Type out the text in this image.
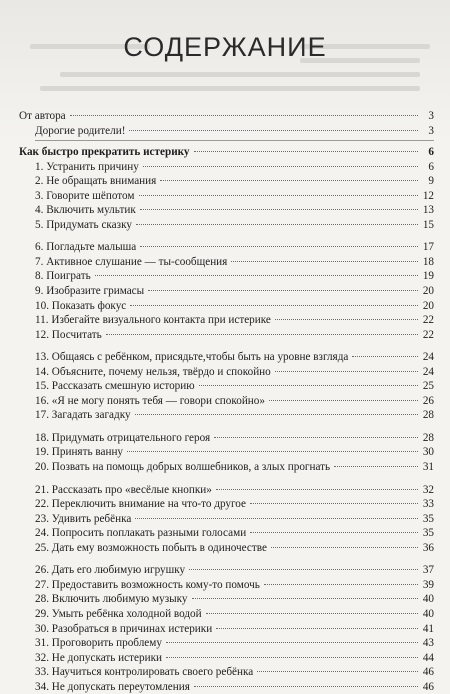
СОДЕРЖАНИЕ
От автора	3
Дорогие родители!	3
Как быстро прекратить истерику	6
1. Устранить причину	6
2. Не обращать внимания	9
3. Говорите шёпотом	12
4. Включить мультик	13
5. Придумать сказку	15
6. Погладьте малыша	17
7. Активное слушание — ты-сообщения	18
8. Поиграть	19
9. Изобразите гримасы	20
10. Показать фокус	20
11. Избегайте визуального контакта при истерике	22
12. Посчитать	22
13. Общаясь с ребёнком, присядьте,чтобы быть на уровне взгляда	24
14. Объясните, почему нельзя, твёрдо и спокойно	24
15. Рассказать смешную историю	25
16. «Я не могу понять тебя — говори спокойно»	26
17. Загадать загадку	28
18. Придумать отрицательного героя	28
19. Принять ванну	30
20. Позвать на помощь добрых волшебников, а злых прогнать	31
21. Рассказать про «весёлые кнопки»	32
22. Переключить внимание на что-то другое	33
23. Удивить ребёнка	35
24. Попросить поплакать разными голосами	35
25. Дать ему возможность побыть в одиночестве	36
26. Дать его любимую игрушку	37
27. Предоставить возможность кому-то помочь	39
28. Включить любимую музыку	40
29. Умыть ребёнка холодной водой	40
30. Разобраться в причинах истерики	41
31. Проговорить проблему	43
32. Не допускать истерики	44
33. Научиться контролировать своего ребёнка	46
34. Не допускать переутомления	46
